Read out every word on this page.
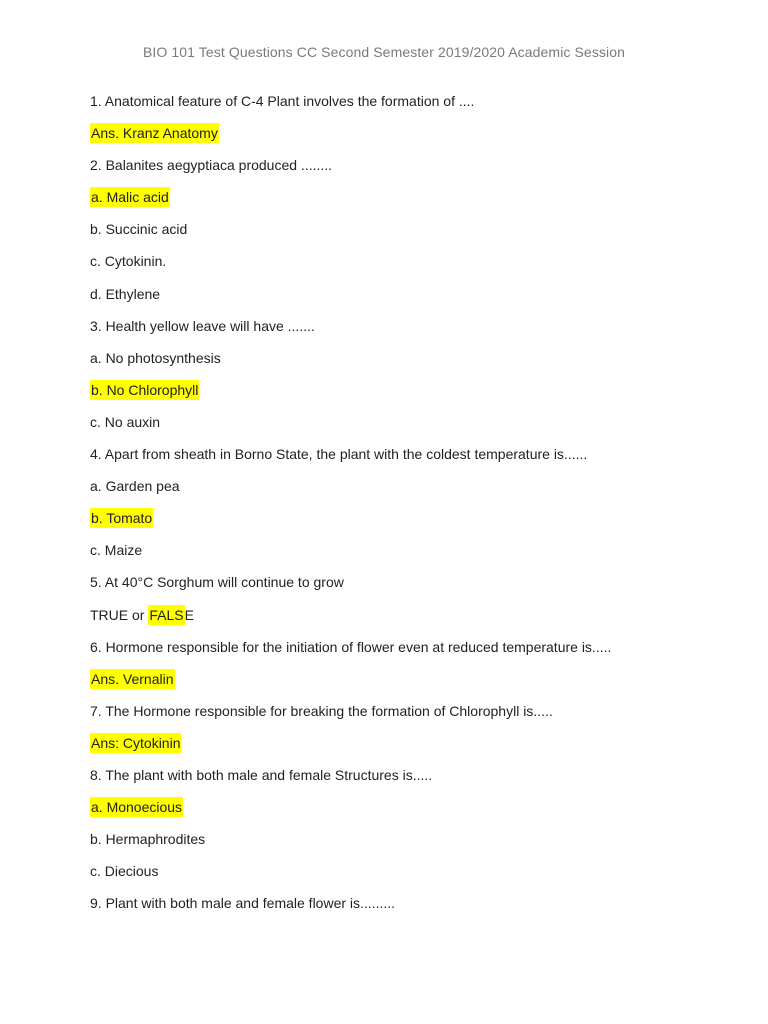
BIO 101 Test Questions CC Second Semester 2019/2020 Academic Session
1. Anatomical feature of C-4 Plant involves the formation of ....
Ans. Kranz Anatomy
2. Balanites aegyptiaca produced ........
a. Malic acid
b. Succinic acid
c. Cytokinin.
d. Ethylene
3. Health yellow leave will have .......
a. No photosynthesis
b. No Chlorophyll
c. No auxin
4. Apart from sheath in Borno State, the plant with the coldest temperature is......
a. Garden pea
b. Tomato
c. Maize
5. At 40°C Sorghum will continue to grow
TRUE or FALSE
6. Hormone responsible for the initiation of flower even at reduced temperature is.....
Ans. Vernalin
7. The Hormone responsible for breaking the formation of Chlorophyll is.....
Ans: Cytokinin
8. The plant with both male and female Structures is.....
a. Monoecious
b. Hermaphrodites
c. Diecious
9. Plant with both male and female flower is.........
